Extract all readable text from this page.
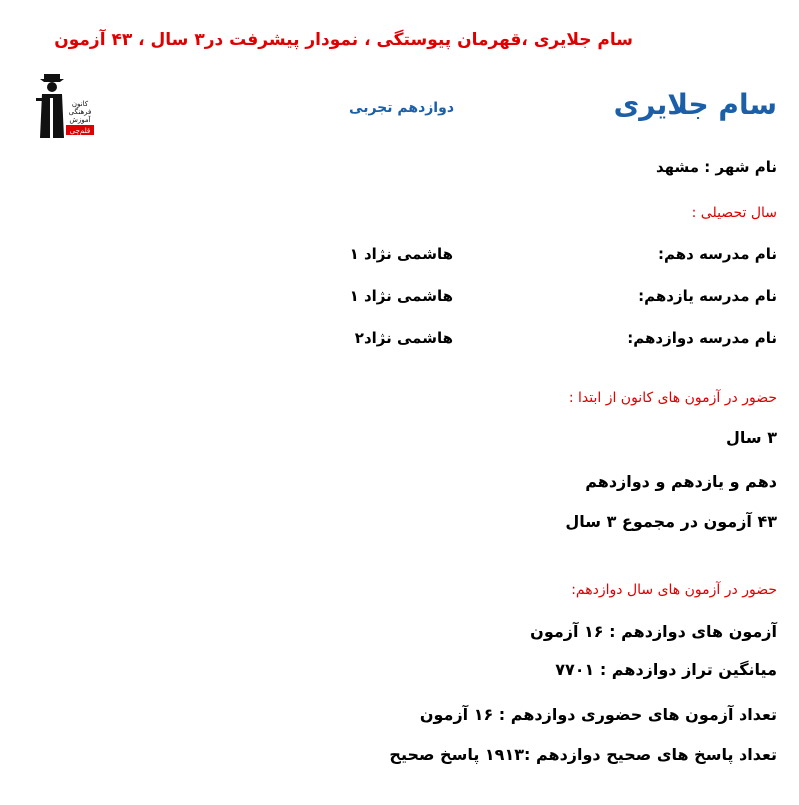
سام جلایری ،قهرمان پیوستگی ، نمودار پیشرفت در۳ سال ، ۴۳ آزمون
کانون
فرهنگی
آموزش
قلم‌چی
سام جلایری
دوازدهم تجربی
نام شهر : مشهد
سال تحصیلی :
نام مدرسه دهم:
هاشمی نژاد ۱
نام مدرسه یازدهم:
هاشمی نژاد ۱
نام مدرسه دوازدهم:
هاشمی نژاد۲
حضور در آزمون های کانون از ابتدا :
۳ سال
دهم و یازدهم و دوازدهم
۴۳ آزمون در مجموع ۳ سال
حضور در آزمون های سال دوازدهم:
آزمون های دوازدهم : ۱۶ آزمون
میانگین تراز دوازدهم : ۷۷۰۱
تعداد آزمون های حضوری دوازدهم : ۱۶ آزمون
تعداد پاسخ های صحیح دوازدهم :۱۹۱۳ پاسخ صحیح
